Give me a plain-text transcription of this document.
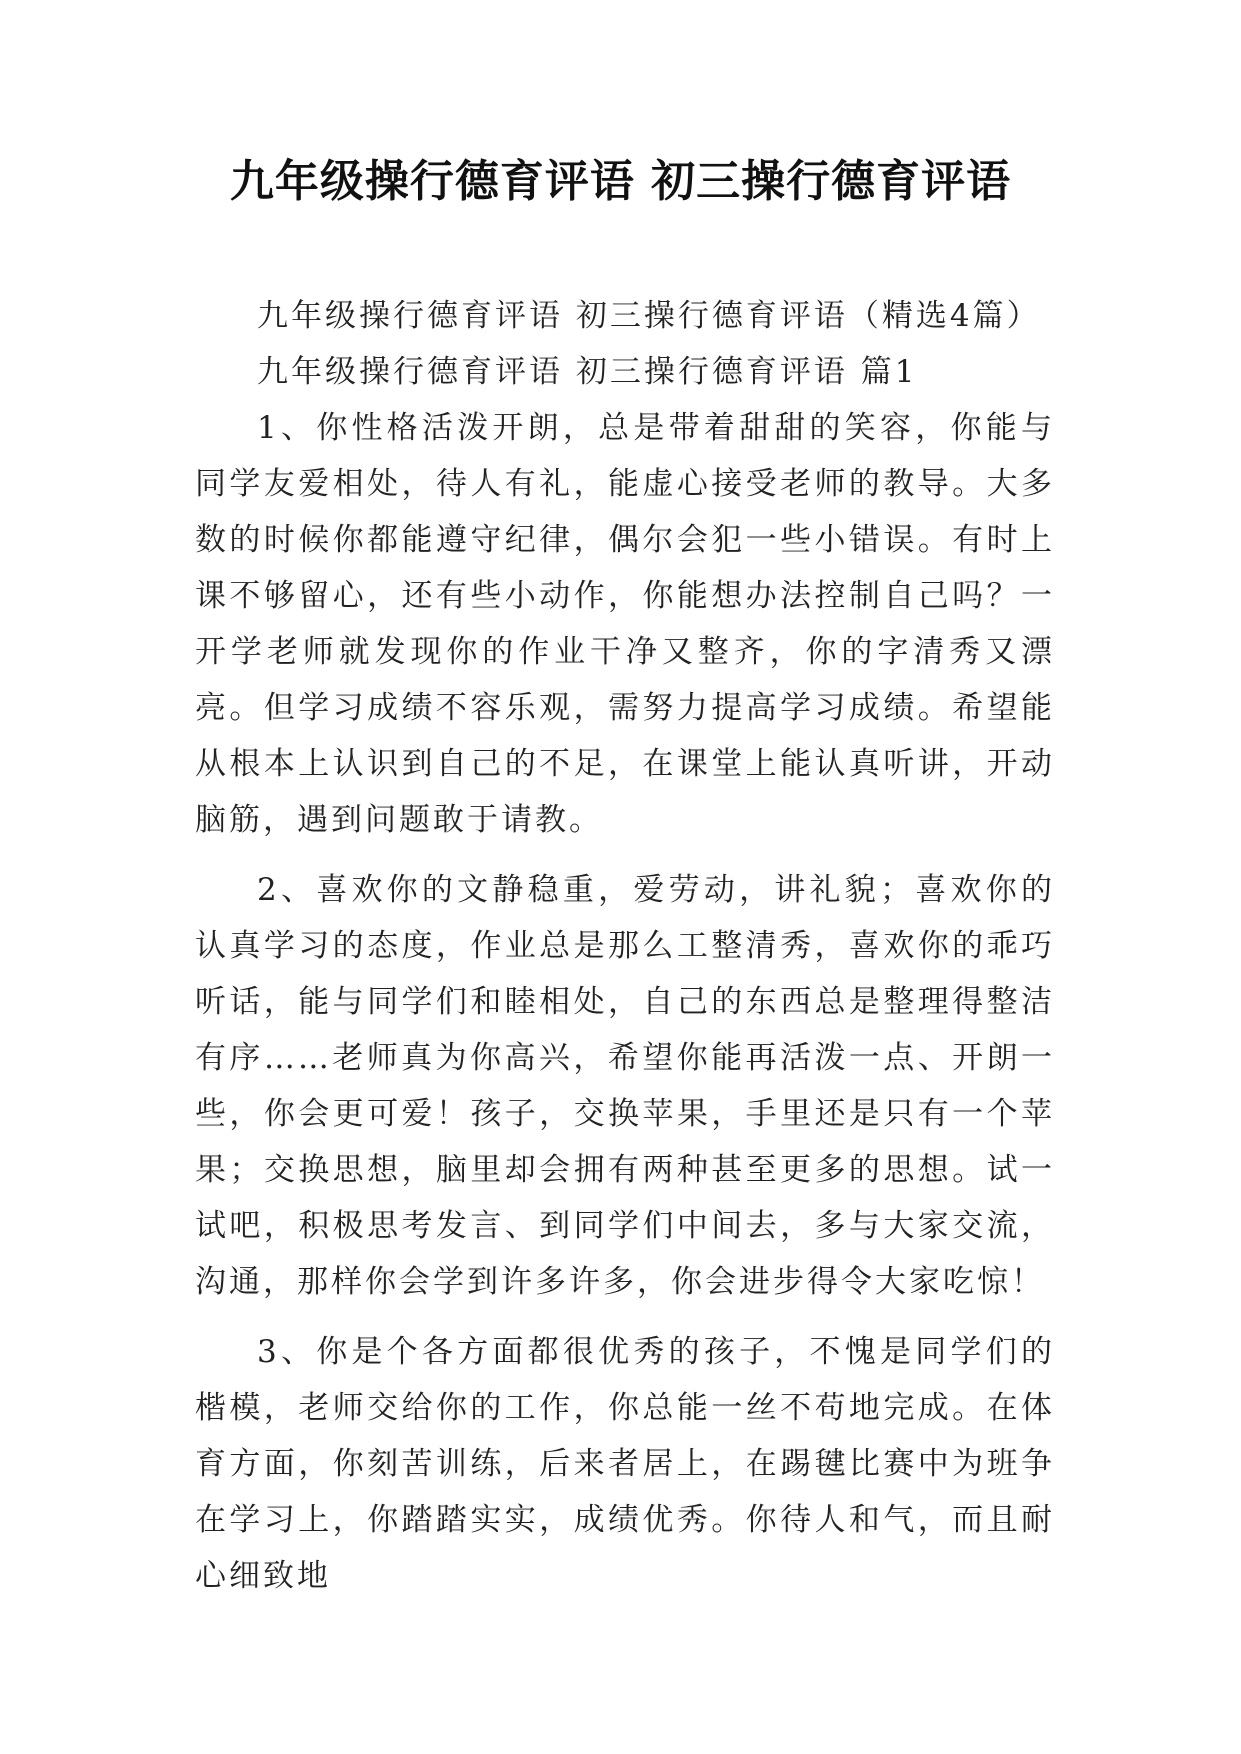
九年级操行德育评语 初三操行德育评语

九年级操行德育评语 初三操行德育评语（精选4篇）

九年级操行德育评语 初三操行德育评语 篇1

1、你性格活泼开朗，总是带着甜甜的笑容，你能与同学友爱相处，待人有礼，能虚心接受老师的教导。大多数的时候你都能遵守纪律，偶尔会犯一些小错误。有时上课不够留心，还有些小动作，你能想办法控制自己吗？一开学老师就发现你的作业干净又整齐，你的字清秀又漂亮。但学习成绩不容乐观，需努力提高学习成绩。希望能从根本上认识到自己的不足，在课堂上能认真听讲，开动脑筋，遇到问题敢于请教。

2、喜欢你的文静稳重，爱劳动，讲礼貌；喜欢你的认真学习的态度，作业总是那么工整清秀，喜欢你的乖巧听话，能与同学们和睦相处，自己的东西总是整理得整洁有序……老师真为你高兴，希望你能再活泼一点、开朗一些，你会更可爱！孩子，交换苹果，手里还是只有一个苹果；交换思想，脑里却会拥有两种甚至更多的思想。试一试吧，积极思考发言、到同学们中间去，多与大家交流，沟通，那样你会学到许多许多，你会进步得令大家吃惊！

3、你是个各方面都很优秀的孩子，不愧是同学们的楷模，老师交给你的工作，你总能一丝不苟地完成。在体育方面，你刻苦训练，后来者居上，在踢毽比赛中为班争在学习上，你踏踏实实，成绩优秀。你待人和气，而且耐心细致地
